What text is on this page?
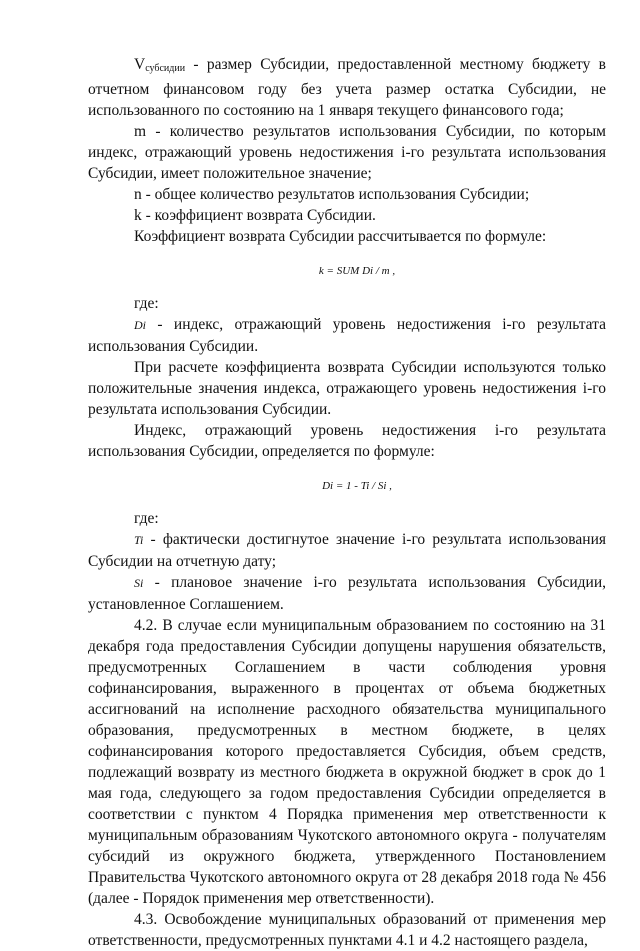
$V_{субсидии}$ - размер Субсидии, предоставленной местному бюджету в отчетном финансовом году без учета размер остатка Субсидии, не использованного по состоянию на 1 января текущего финансового года;

m - количество результатов использования Субсидии, по которым индекс, отражающий уровень недостижения i-го результата использования Субсидии, имеет положительное значение;

n - общее количество результатов использования Субсидии;

k - коэффициент возврата Субсидии.

Коэффициент возврата Субсидии рассчитывается по формуле:

k = SUM Di / m ,

где:

Di - индекс, отражающий уровень недостижения i-го результата использования Субсидии.

При расчете коэффициента возврата Субсидии используются только положительные значения индекса, отражающего уровень недостижения i-го результата использования Субсидии.

Индекс, отражающий уровень недостижения i-го результата использования Субсидии, определяется по формуле:

Di = 1 - Ti / Si ,

где:

Ti - фактически достигнутое значение i-го результата использования Субсидии на отчетную дату;

Si - плановое значение i-го результата использования Субсидии, установленное Соглашением.

4.2. В случае если муниципальным образованием по состоянию на 31 декабря года предоставления Субсидии допущены нарушения обязательств, предусмотренных Соглашением в части соблюдения уровня софинансирования, выраженного в процентах от объема бюджетных ассигнований на исполнение расходного обязательства муниципального образования, предусмотренных в местном бюджете, в целях софинансирования которого предоставляется Субсидия, объем средств, подлежащий возврату из местного бюджета в окружной бюджет в срок до 1 мая года, следующего за годом предоставления Субсидии определяется в соответствии с пунктом 4 Порядка применения мер ответственности к муниципальным образованиям Чукотского автономного округа - получателям субсидий из окружного бюджета, утвержденного Постановлением Правительства Чукотского автономного округа от 28 декабря 2018 года № 456 (далее - Порядок применения мер ответственности).

4.3. Освобождение муниципальных образований от применения мер ответственности, предусмотренных пунктами 4.1 и 4.2 настоящего раздела,
